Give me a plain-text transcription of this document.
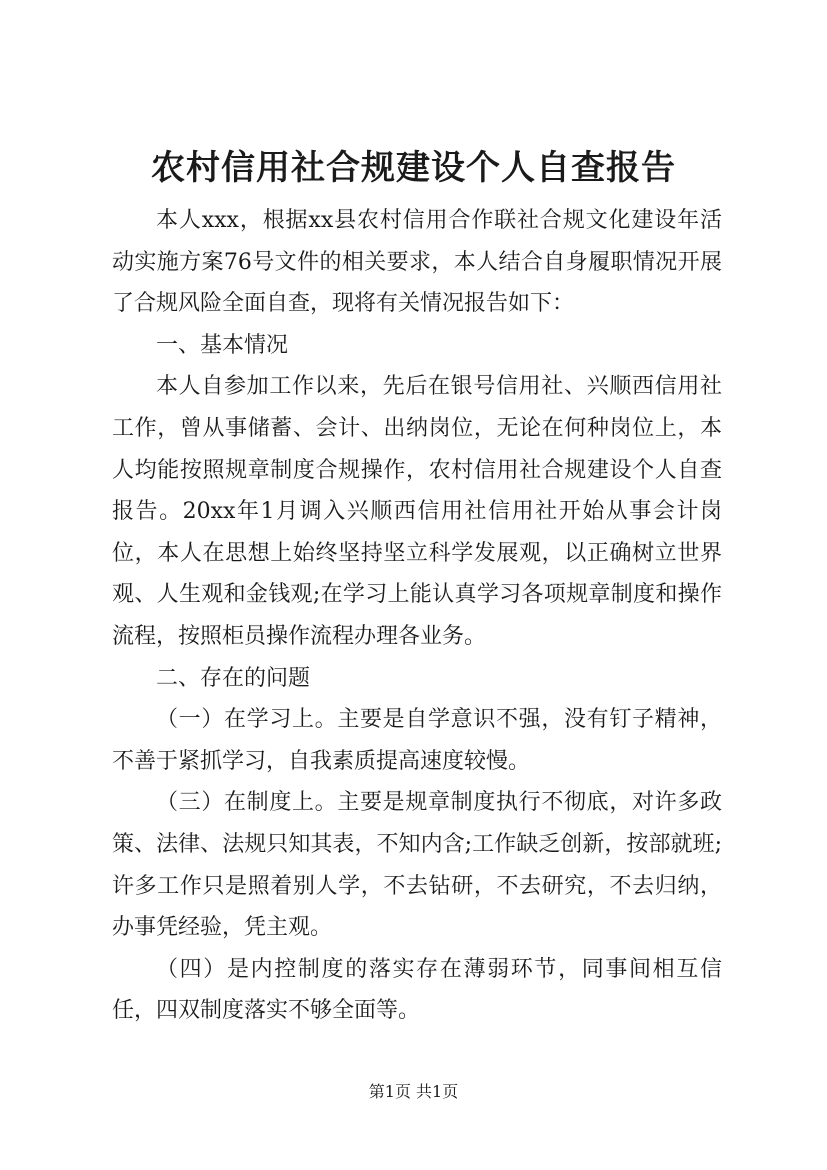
农村信用社合规建设个人自查报告

本人xxx，根据xx县农村信用合作联社合规文化建设年活动实施方案76号文件的相关要求，本人结合自身履职情况开展了合规风险全面自查，现将有关情况报告如下：

一、基本情况

本人自参加工作以来，先后在银号信用社、兴顺西信用社工作，曾从事储蓄、会计、出纳岗位，无论在何种岗位上，本人均能按照规章制度合规操作，农村信用社合规建设个人自查报告。20xx年1月调入兴顺西信用社信用社开始从事会计岗位，本人在思想上始终坚持坚立科学发展观，以正确树立世界观、人生观和金钱观;在学习上能认真学习各项规章制度和操作流程，按照柜员操作流程办理各业务。

二、存在的问题

（一）在学习上。主要是自学意识不强，没有钉子精神，不善于紧抓学习，自我素质提高速度较慢。

（三）在制度上。主要是规章制度执行不彻底，对许多政策、法律、法规只知其表，不知内含;工作缺乏创新，按部就班;许多工作只是照着别人学，不去钻研，不去研究，不去归纳，办事凭经验，凭主观。

（四）是内控制度的落实存在薄弱环节，同事间相互信任，四双制度落实不够全面等。

第1页 共1页
